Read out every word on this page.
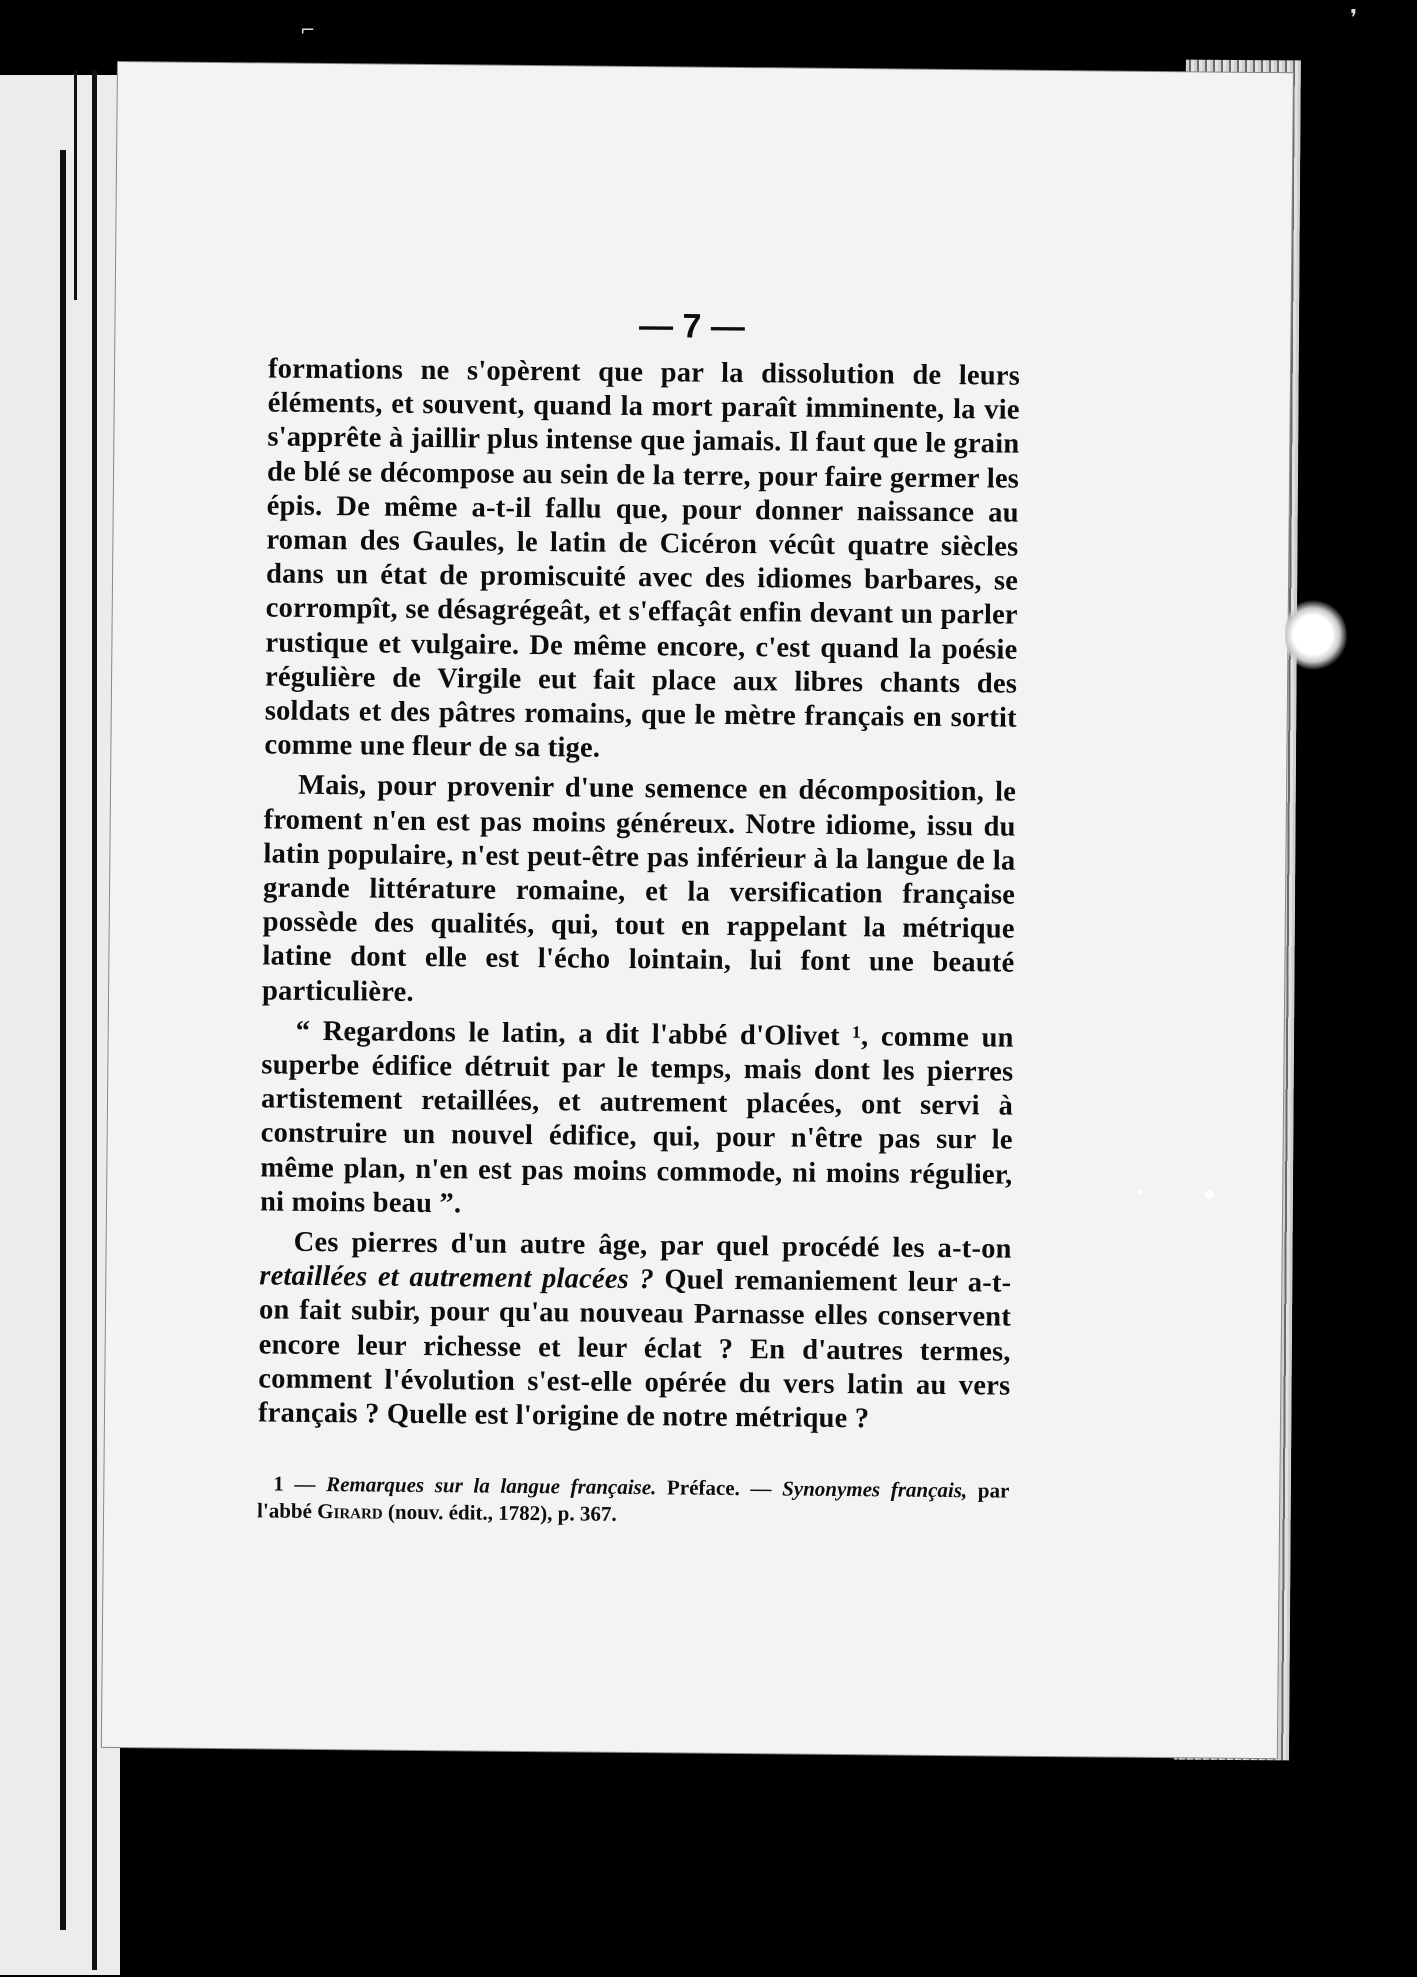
— 7 —

formations ne s'opèrent que par la dissolution de leurs éléments, et souvent, quand la mort paraît imminente, la vie s'apprête à jaillir plus intense que jamais. Il faut que le grain de blé se décompose au sein de la terre, pour faire germer les épis. De même a-t-il fallu que, pour donner naissance au roman des Gaules, le latin de Cicéron vécût quatre siècles dans un état de promiscuité avec des idiomes barbares, se corrompît, se désagrégeât, et s'effaçât enfin devant un parler rustique et vulgaire. De même encore, c'est quand la poésie régulière de Virgile eut fait place aux libres chants des soldats et des pâtres romains, que le mètre français en sortit comme une fleur de sa tige.

Mais, pour provenir d'une semence en décomposition, le froment n'en est pas moins généreux. Notre idiome, issu du latin populaire, n'est peut-être pas inférieur à la langue de la grande littérature romaine, et la versification française possède des qualités, qui, tout en rappelant la métrique latine dont elle est l'écho lointain, lui font une beauté particulière.

“ Regardons le latin, a dit l'abbé d'Olivet ¹, comme un superbe édifice détruit par le temps, mais dont les pierres artistement retaillées, et autrement placées, ont servi à construire un nouvel édifice, qui, pour n'être pas sur le même plan, n'en est pas moins commode, ni moins régulier, ni moins beau ”.

Ces pierres d'un autre âge, par quel procédé les a-t-on retaillées et autrement placées ? Quel remaniement leur a-t-on fait subir, pour qu'au nouveau Parnasse elles conservent encore leur richesse et leur éclat ? En d'autres termes, comment l'évolution s'est-elle opérée du vers latin au vers français ? Quelle est l'origine de notre métrique ?

1 — Remarques sur la langue française. Préface. — Synonymes français, par l'abbé Girard (nouv. édit., 1782), p. 367.
❜
⌐
